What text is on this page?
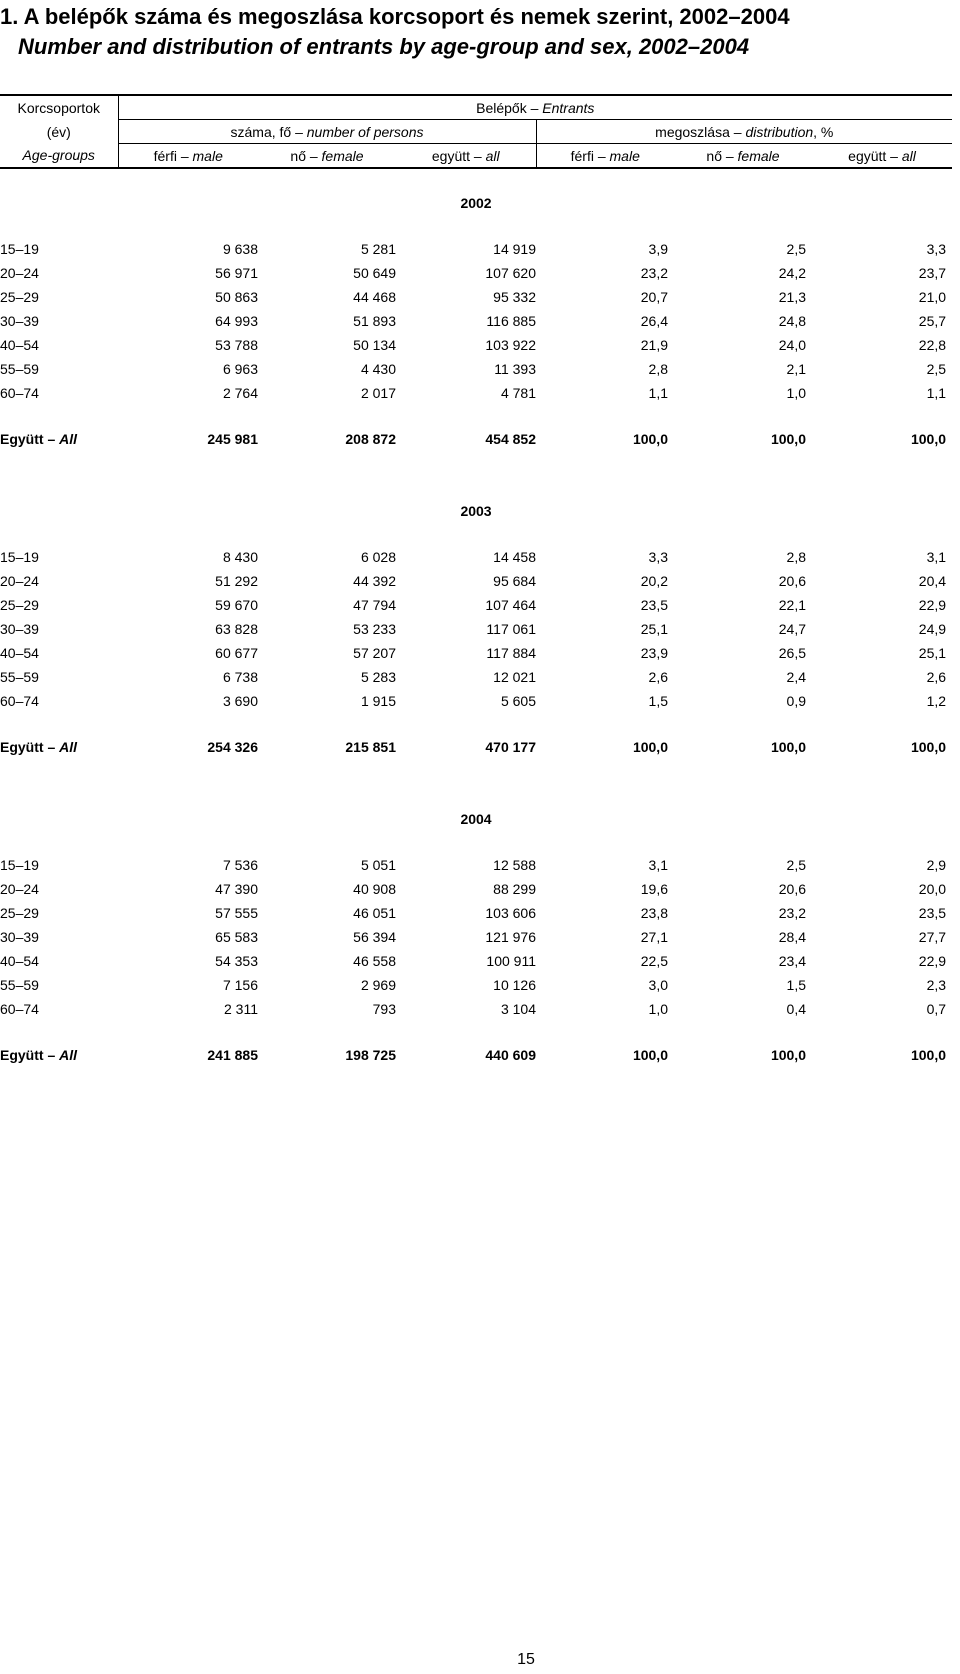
1. A belépők száma és megoszlása korcsoport és nemek szerint, 2002–2004
Number and distribution of entrants by age-group and sex, 2002–2004
Korcsoportok	Belépők – Entrants					
(év)	száma, fő – number of persons			megoszlása – distribution, %		
Age-groups	férfi – male	nő – female	együtt – all	férfi – male	nő – female	együtt – all

2002						

15–19	9 638	5 281	14 919	3,9	2,5	3,3
20–24	56 971	50 649	107 620	23,2	24,2	23,7
25–29	50 863	44 468	95 332	20,7	21,3	21,0
30–39	64 993	51 893	116 885	26,4	24,8	25,7
40–54	53 788	50 134	103 922	21,9	24,0	22,8
55–59	6 963	4 430	11 393	2,8	2,1	2,5
60–74	2 764	2 017	4 781	1,1	1,0	1,1

Együtt – All	245 981	208 872	454 852	100,0	100,0	100,0

2003						

15–19	8 430	6 028	14 458	3,3	2,8	3,1
20–24	51 292	44 392	95 684	20,2	20,6	20,4
25–29	59 670	47 794	107 464	23,5	22,1	22,9
30–39	63 828	53 233	117 061	25,1	24,7	24,9
40–54	60 677	57 207	117 884	23,9	26,5	25,1
55–59	6 738	5 283	12 021	2,6	2,4	2,6
60–74	3 690	1 915	5 605	1,5	0,9	1,2

Együtt – All	254 326	215 851	470 177	100,0	100,0	100,0

2004						

15–19	7 536	5 051	12 588	3,1	2,5	2,9
20–24	47 390	40 908	88 299	19,6	20,6	20,0
25–29	57 555	46 051	103 606	23,8	23,2	23,5
30–39	65 583	56 394	121 976	27,1	28,4	27,7
40–54	54 353	46 558	100 911	22,5	23,4	22,9
55–59	7 156	2 969	10 126	3,0	1,5	2,3
60–74	2 311	793	3 104	1,0	0,4	0,7

Együtt – All	241 885	198 725	440 609	100,0	100,0	100,0
15
